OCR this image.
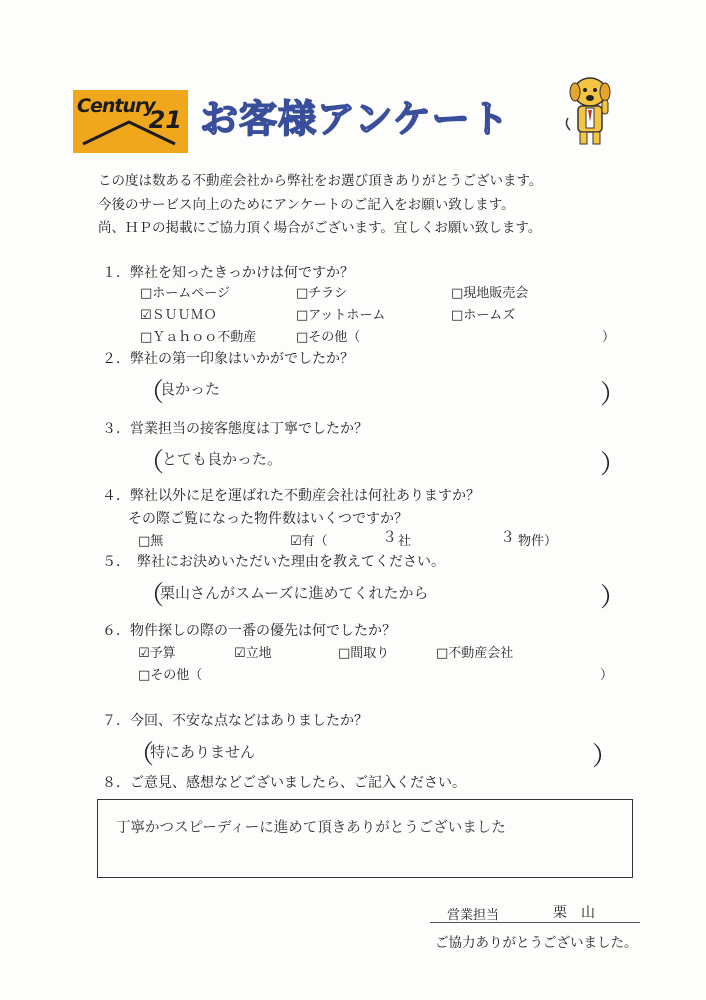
Century
21 お客様アンケート
この度は数ある不動産会社から弊社をお選び頂きありがとうございます。
今後のサービス向上のためにアンケートのご記入をお願い致します。
尚、ＨＰの掲載にご協力頂く場合がございます。宜しくお願い致します。
１．弊社を知ったきっかけは何ですか？
□ホームページ	□チラシ	□現地販売会
☑ＳＵＵＭＯ	□アットホーム	□ホームズ
□Ｙａｈｏｏ不動産	□その他（	）
２．弊社の第一印象はいかがでしたか？
（
良かった	）
３．営業担当の接客態度は丁寧でしたか？
（
とても良かった。	）
４．弊社以外に足を運ばれた不動産会社は何社ありますか？
その際ご覧になった物件数はいくつですか？
□無	☑有（	３ 社	３ 物件）
５．　弊社にお決めいただいた理由を教えてください。
（
栗山さんがスムーズに進めてくれたから	）
６．物件探しの際の一番の優先は何でしたか？
☑予算	☑立地	□間取り	□不動産会社
□その他（	）
７．今回、不安な点などはありましたか？
（
特にありません	）
８．ご意見、感想などございましたら、ご記入ください。
丁寧かつスピーディーに進めて頂きありがとうございました
営業担当	栗　山
ご協力ありがとうございました。
